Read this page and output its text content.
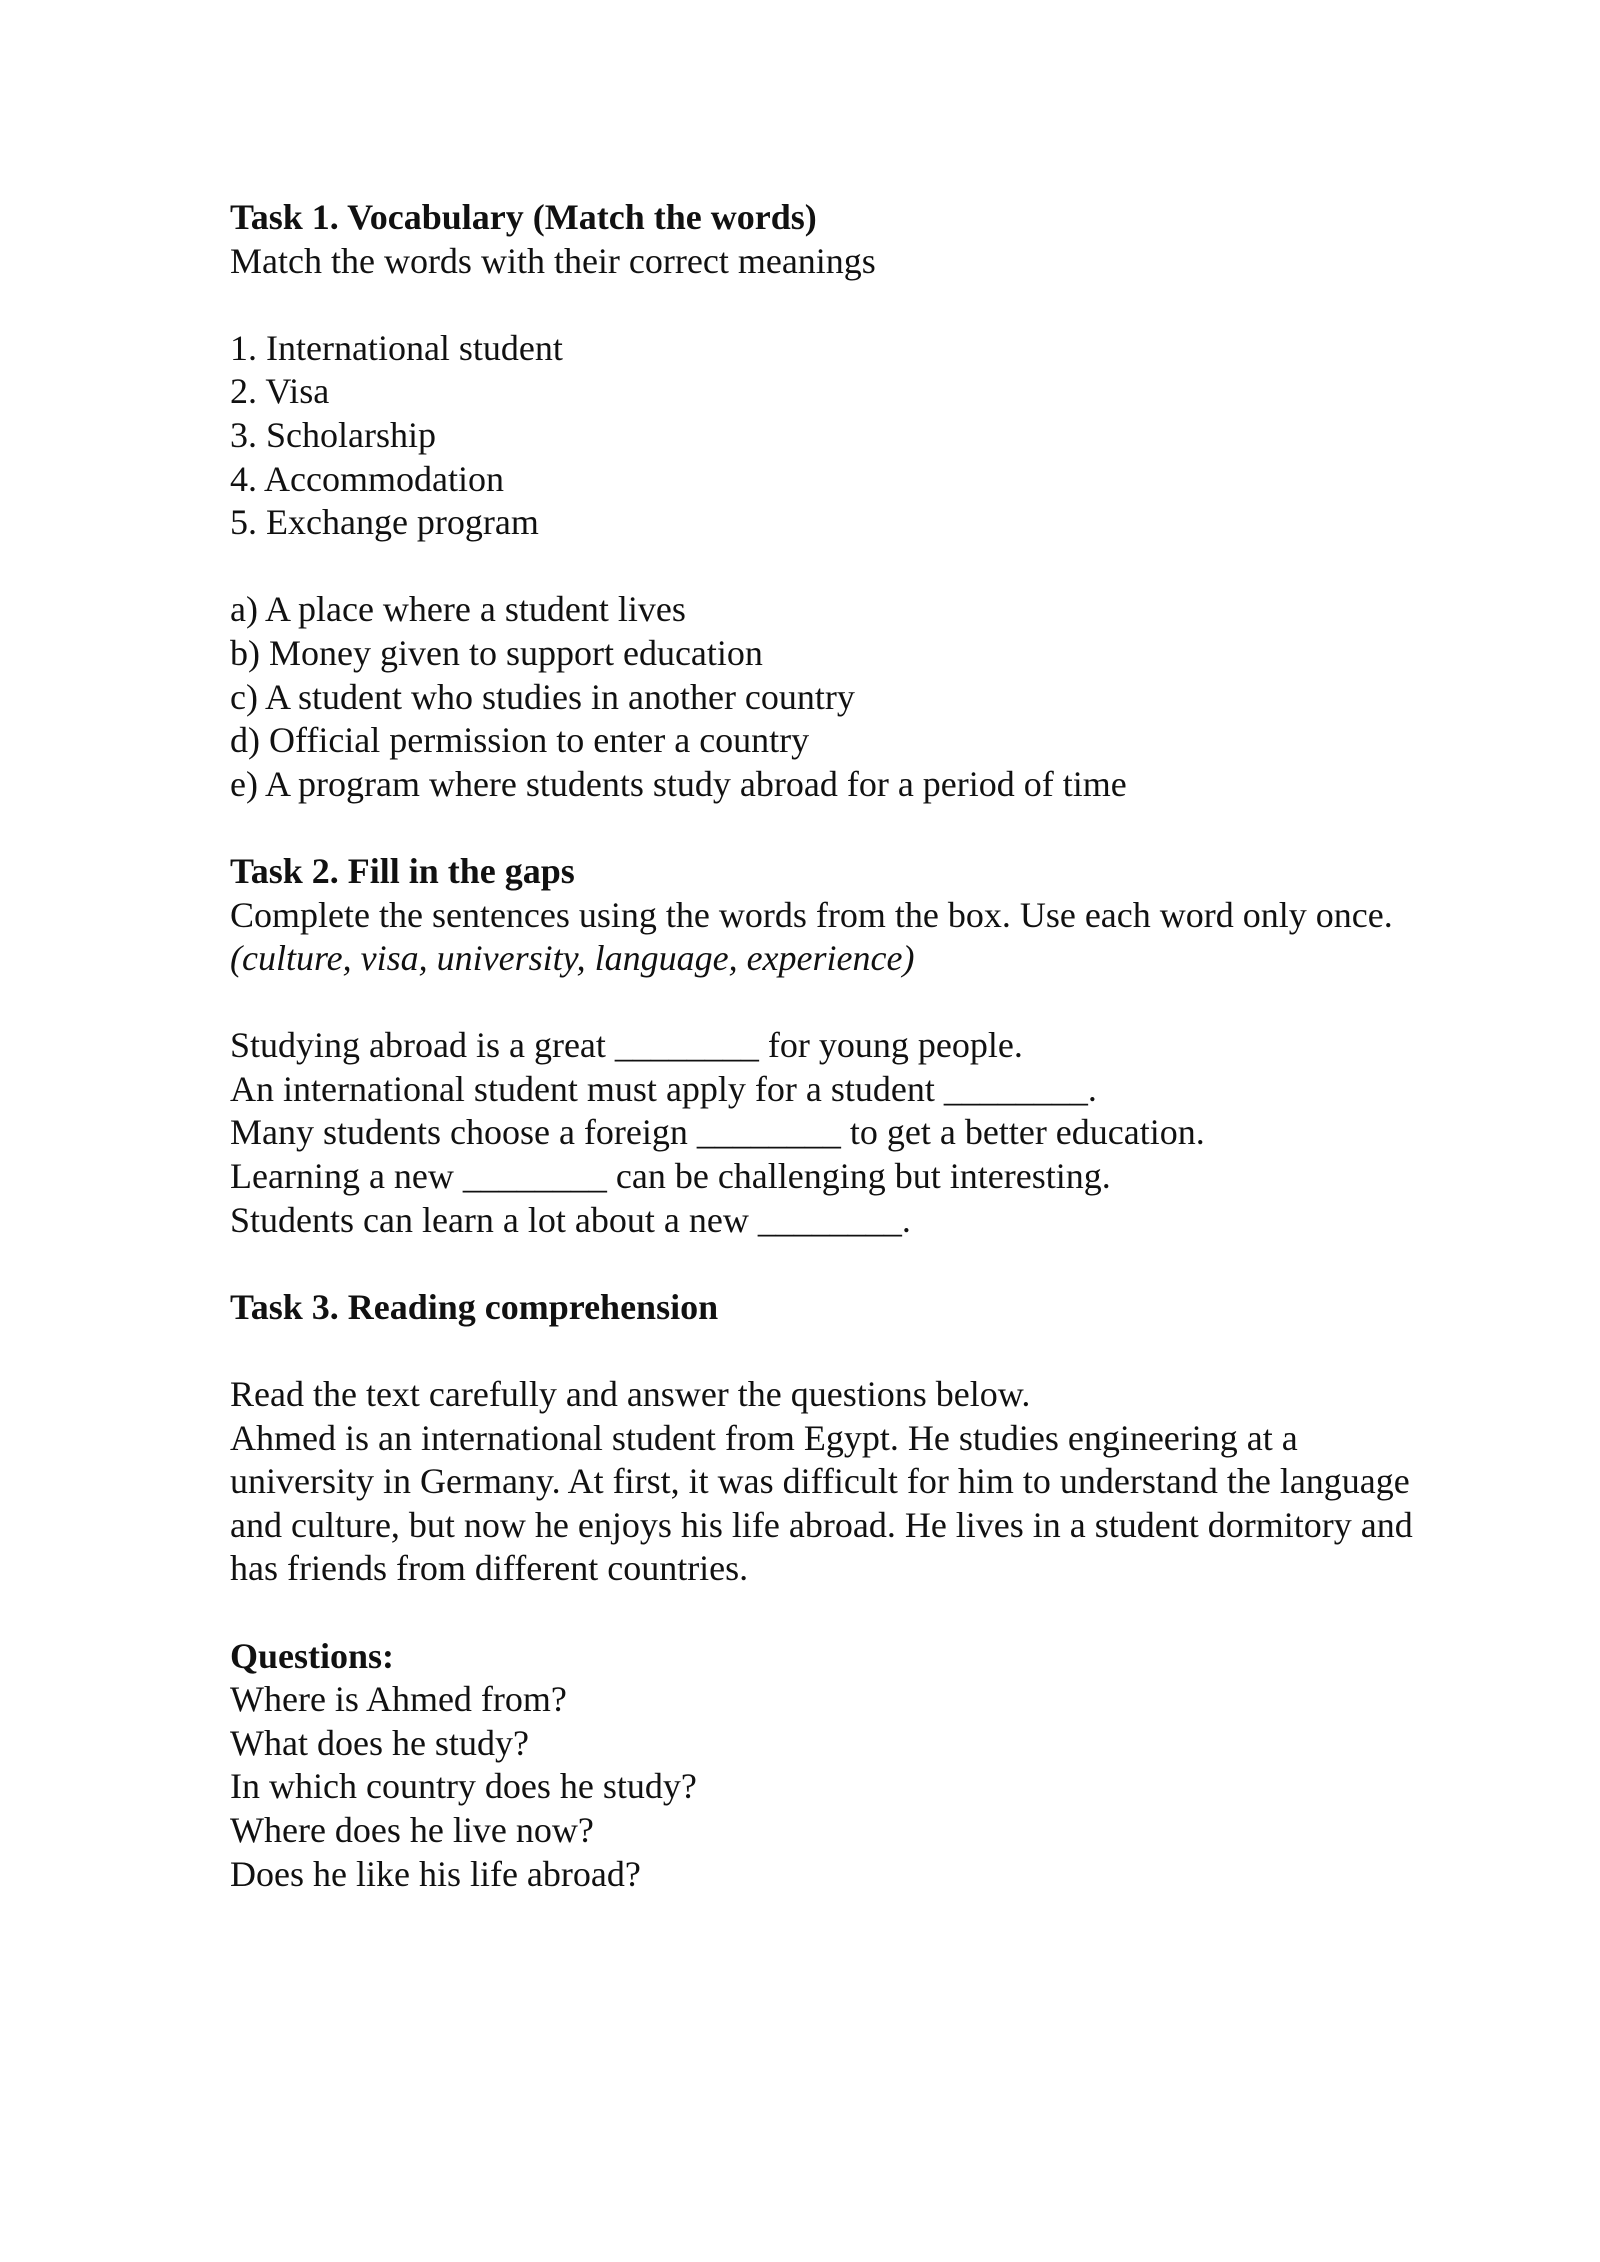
Task 1. Vocabulary (Match the words)
Match the words with their correct meanings
1. International student
2. Visa
3. Scholarship
4. Accommodation
5. Exchange program
a) A place where a student lives
b) Money given to support education
c) A student who studies in another country
d) Official permission to enter a country
e) A program where students study abroad for a period of time
Task 2. Fill in the gaps
Complete the sentences using the words from the box. Use each word only once.
(culture, visa, university, language, experience)
Studying abroad is a great ________ for young people.
An international student must apply for a student ________.
Many students choose a foreign ________ to get a better education.
Learning a new ________ can be challenging but interesting.
Students can learn a lot about a new ________.
Task 3. Reading comprehension
Read the text carefully and answer the questions below.
Ahmed is an international student from Egypt. He studies engineering at a
university in Germany. At first, it was difficult for him to understand the language
and culture, but now he enjoys his life abroad. He lives in a student dormitory and
has friends from different countries.
Questions:
Where is Ahmed from?
What does he study?
In which country does he study?
Where does he live now?
Does he like his life abroad?
